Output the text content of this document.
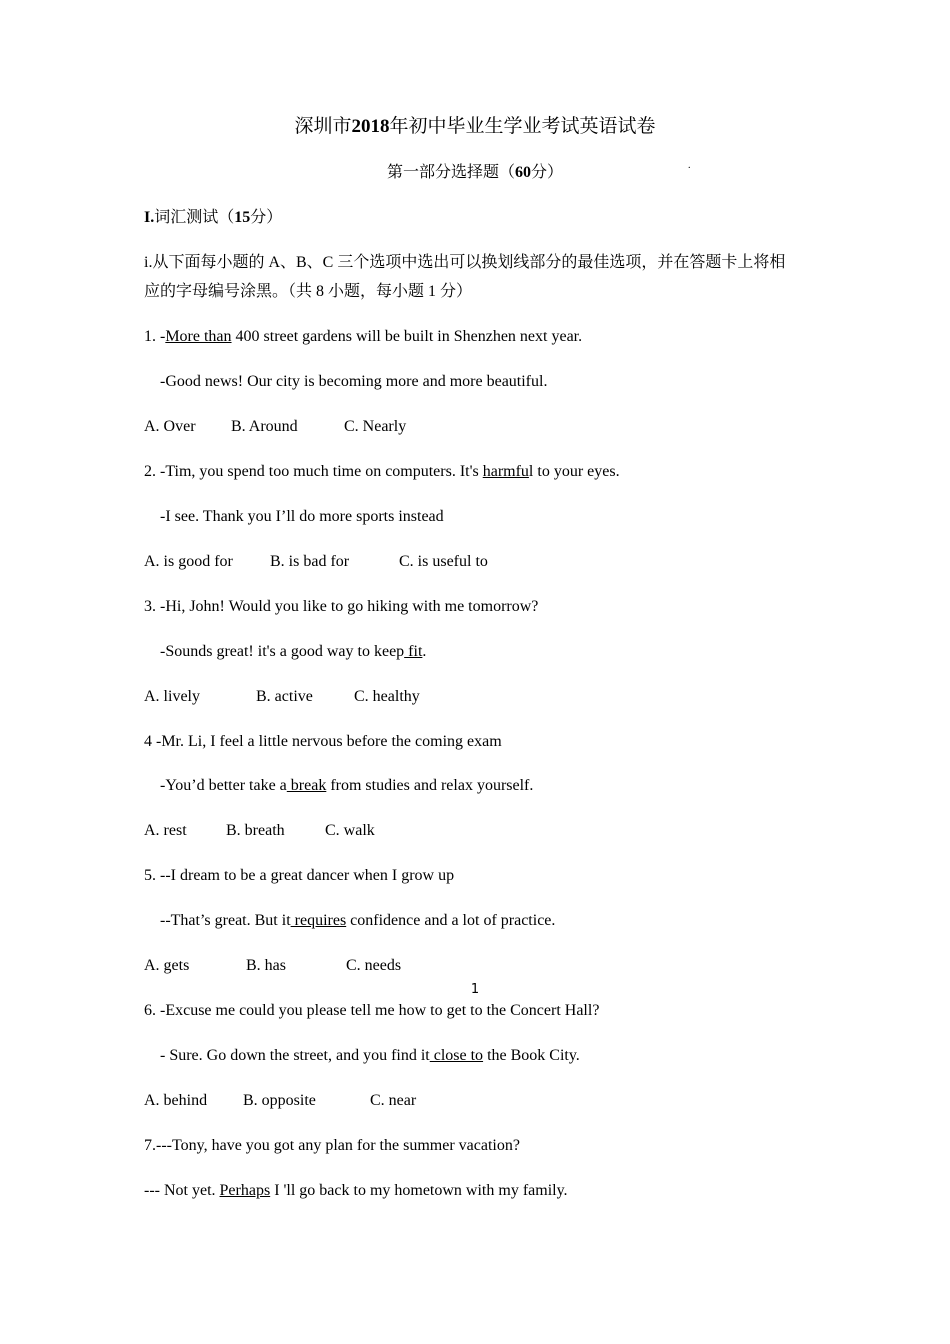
深圳市2018年初中毕业生学业考试英语试卷
第一部分选择题（60分）	.
I.词汇测试（15分）
i.从下面每小题的 A、B、C 三个选项中选出可以换划线部分的最佳选项，并在答题卡上将相
应的字母编号涂黑。（共 8 小题，每小题 1 分）
1. -More than 400 street gardens will be built in Shenzhen next year.
-Good news! Our city is becoming more and more beautiful.
A. Over B. Around	C. Nearly
2. -Tim, you spend too much time on computers. It's harmful to your eyes.
-I see. Thank you I’ll do more sports instead
A. is good for B. is bad for	C. is useful to
3. -Hi, John! Would you like to go hiking with me tomorrow?
-Sounds great! it's a good way to keep fit.
A. lively	B. active	C. healthy
4 -Mr. Li, I feel a little nervous before the coming exam
-You’d better take a break from studies and relax yourself.
A. rest B. breath	C. walk
5. --I dream to be a great dancer when I grow up
--That’s great. But it requires confidence and a lot of practice.
A. gets	B. has	C. needs
1
6. -Excuse me could you please tell me how to get to the Concert Hall?
- Sure. Go down the street, and you find it close to the Book City.
A. behind B. opposite	C. near
7.---Tony, have you got any plan for the summer vacation?
--- Not yet. Perhaps I 'll go back to my hometown with my family.
